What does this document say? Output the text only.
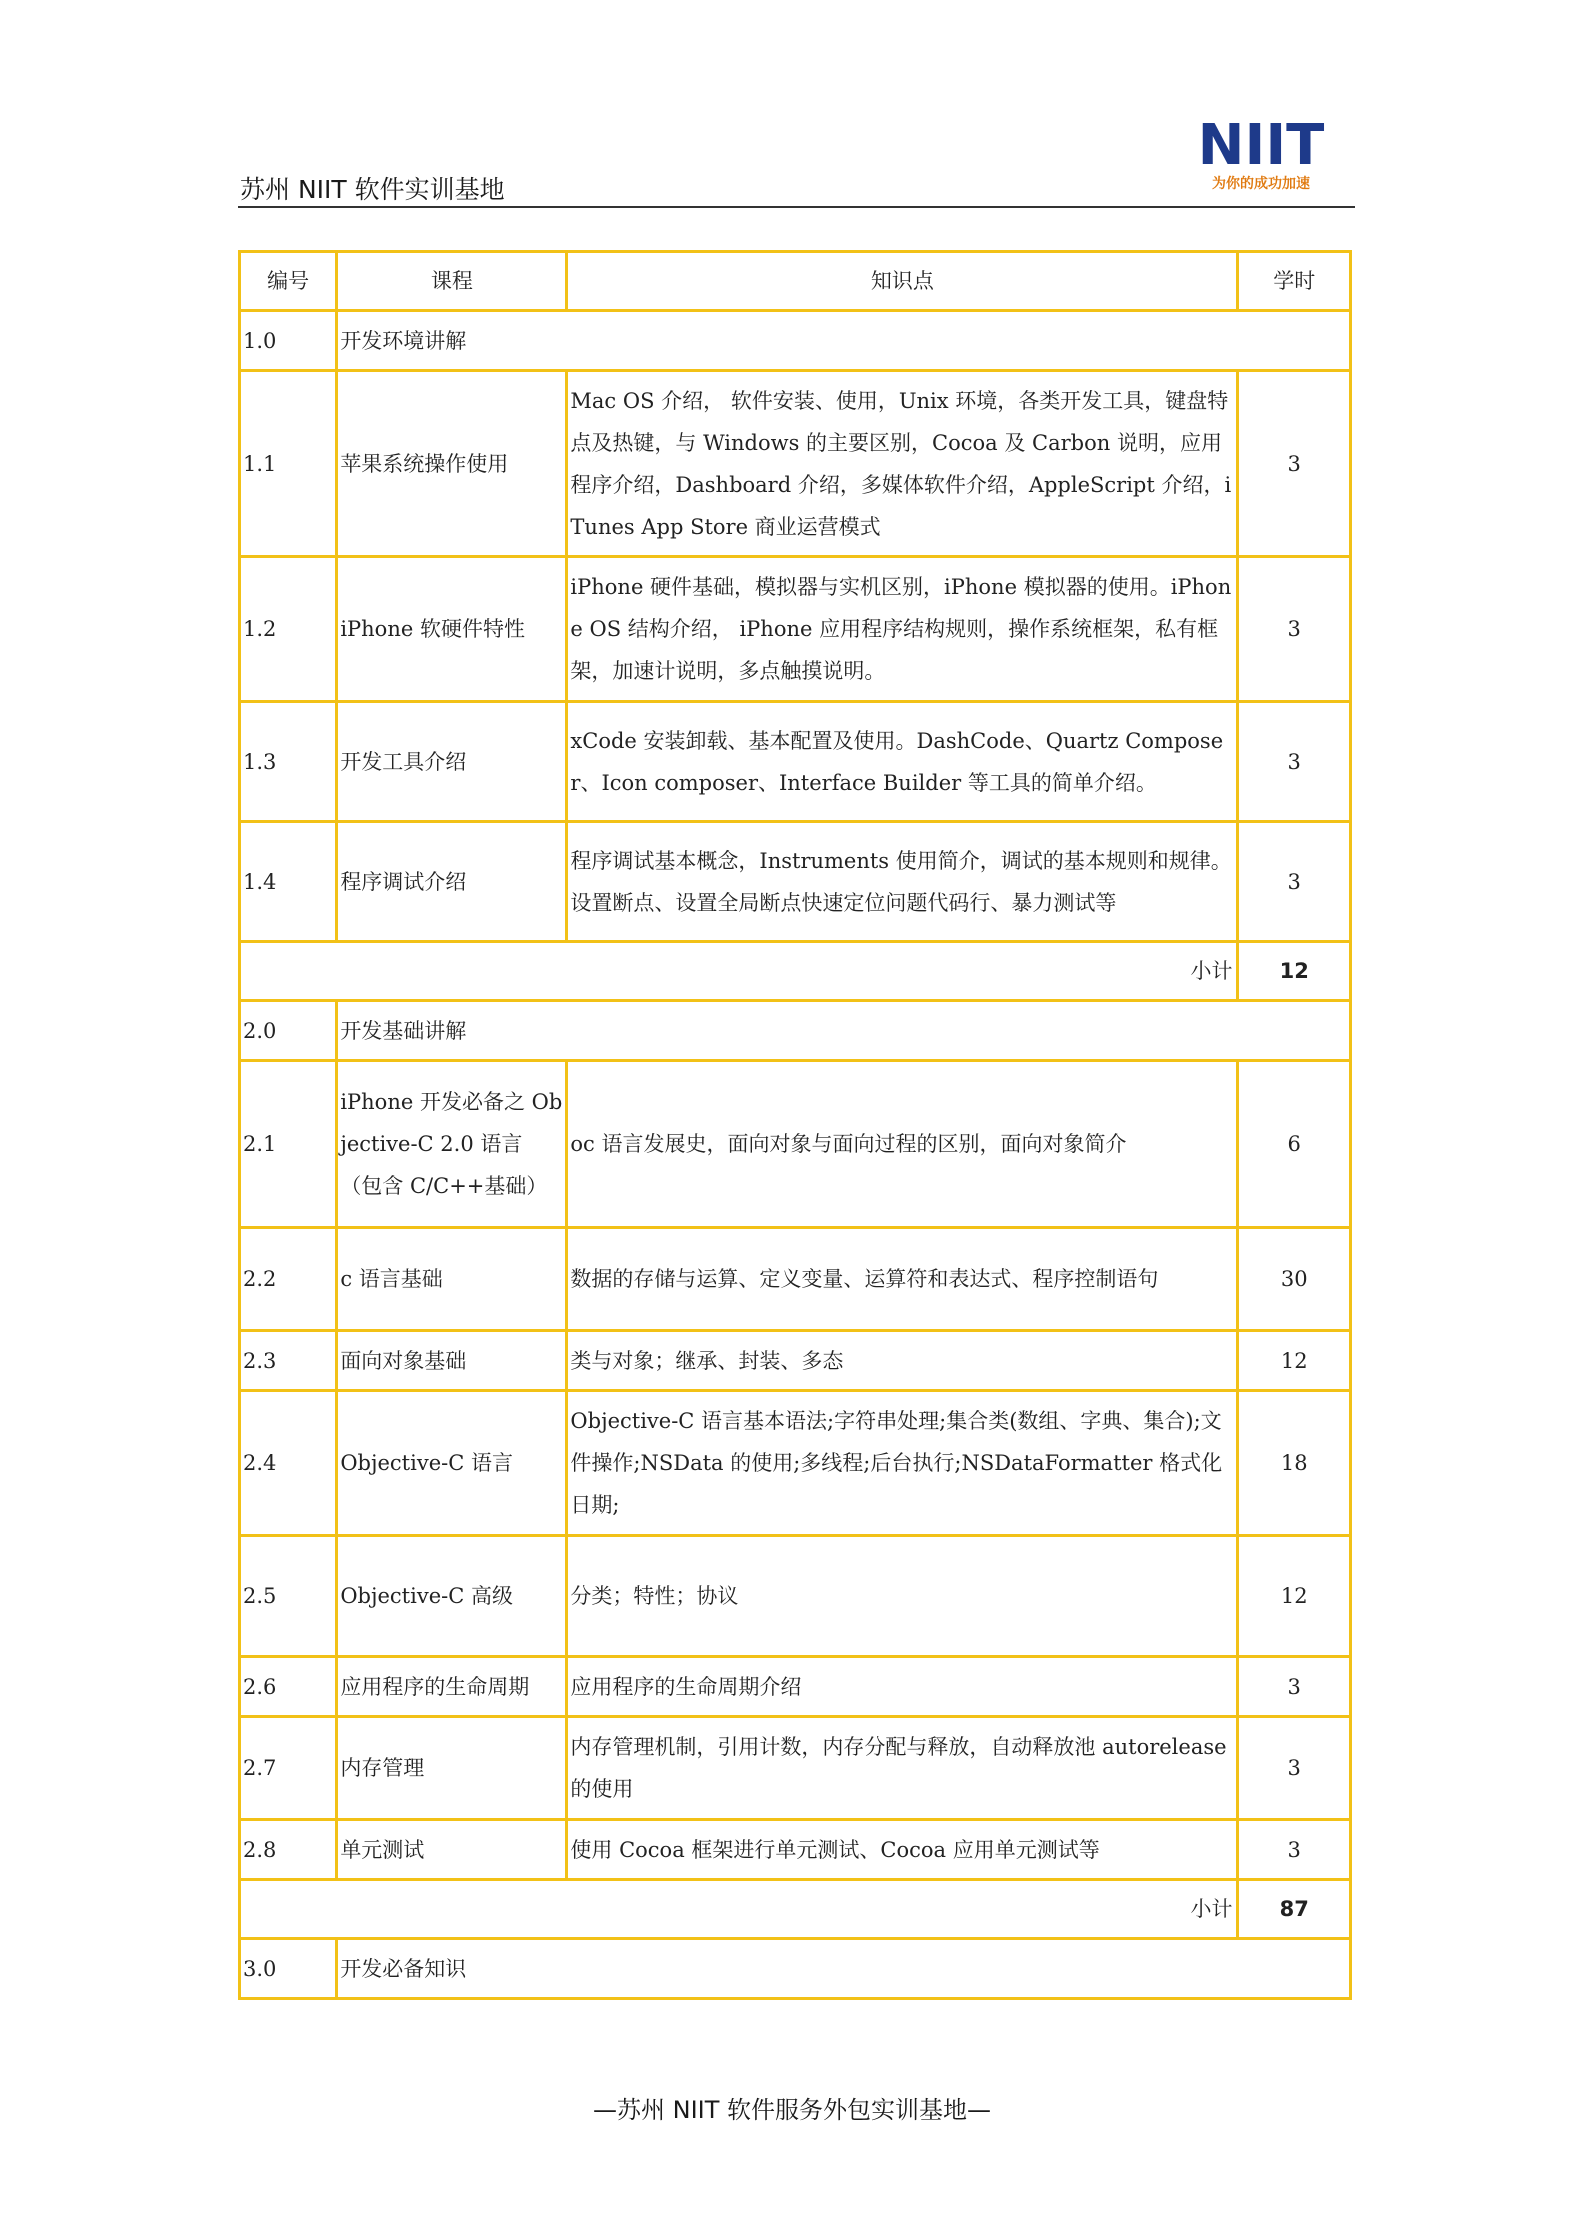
苏州 NIIT 软件实训基地
NIIT
为你的成功加速
编号	课程	知识点	学时
1.0	开发环境讲解		
1.1	苹果系统操作使用	Mac OS 介绍， 软件安装、使用，Unix 环境，各类开发工具，键盘特点及热键，与 Windows 的主要区别，Cocoa 及 Carbon 说明，应用程序介绍，Dashboard 介绍，多媒体软件介绍，AppleScript 介绍，iTunes App Store 商业运营模式	3
1.2	iPhone 软硬件特性	iPhone 硬件基础，模拟器与实机区别，iPhone 模拟器的使用。iPhone OS 结构介绍， iPhone 应用程序结构规则，操作系统框架，私有框架，加速计说明，多点触摸说明。	3
1.3	开发工具介绍	xCode 安装卸载、基本配置及使用。DashCode、Quartz Composer、Icon composer、Interface Builder 等工具的简单介绍。	3
1.4	程序调试介绍	程序调试基本概念，Instruments 使用简介，调试的基本规则和规律。设置断点、设置全局断点快速定位问题代码行、暴力测试等	3

小计			12
2.0	开发基础讲解		
2.1	iPhone 开发必备之 Objective-C 2.0 语言（包含 C/C++基础）	oc 语言发展史，面向对象与面向过程的区别，面向对象简介	6
2.2	c 语言基础	数据的存储与运算、定义变量、运算符和表达式、程序控制语句	30
2.3	面向对象基础	类与对象；继承、封装、多态	12
2.4	Objective-C 语言	Objective-C 语言基本语法;字符串处理;集合类(数组、字典、集合);文件操作;NSData 的使用;多线程;后台执行;NSDataFormatter 格式化日期;	18
2.5	Objective-C 高级	分类；特性；协议	12
2.6	应用程序的生命周期	应用程序的生命周期介绍	3
2.7	内存管理	内存管理机制，引用计数，内存分配与释放，自动释放池 autorelease 的使用	3
2.8	单元测试	使用 Cocoa 框架进行单元测试、Cocoa 应用单元测试等	3

小计			87
3.0	开发必备知识		
—苏州 NIIT 软件服务外包实训基地—
